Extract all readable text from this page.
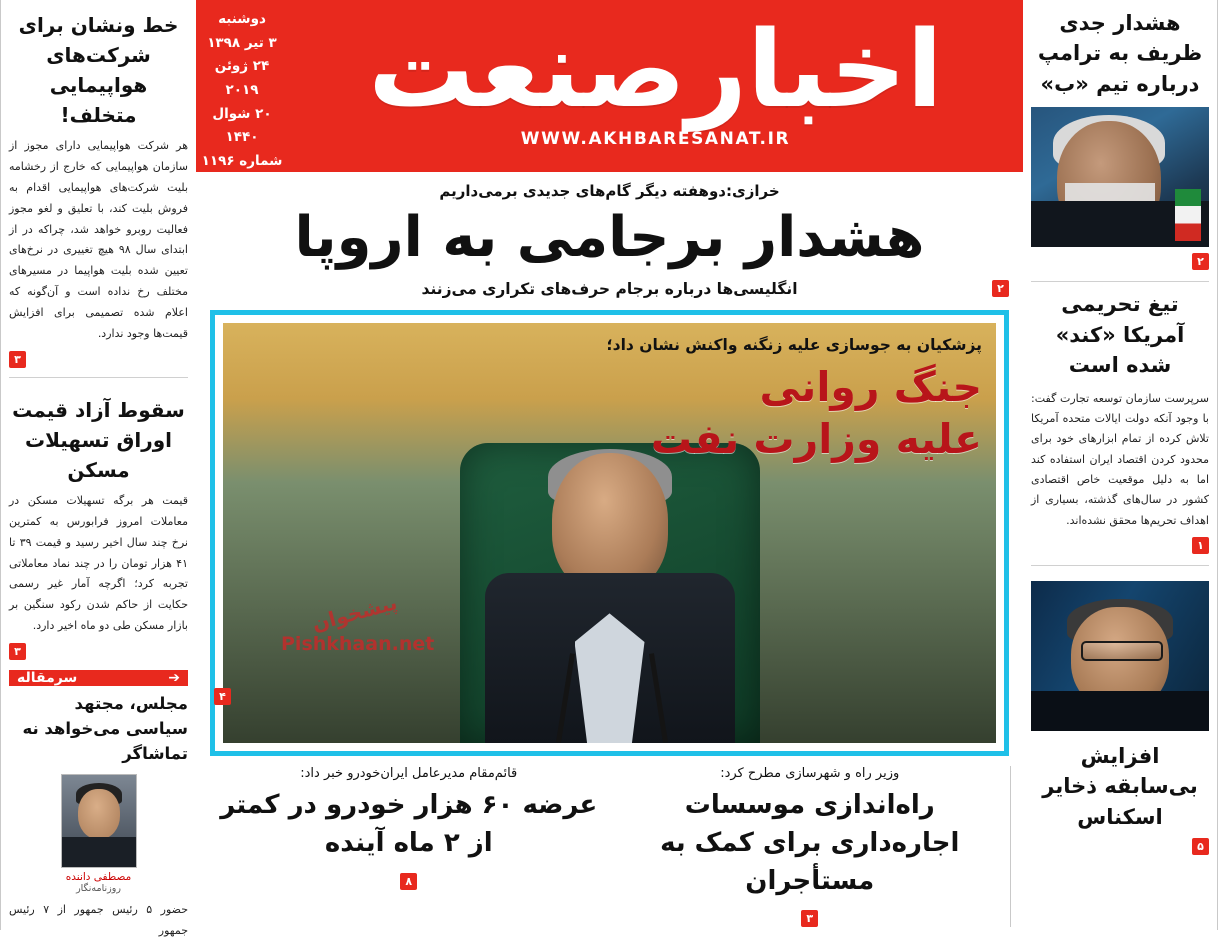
خط ونشان برای شرکت‌های هواپیمایی متخلف!
هر شرکت هواپیمایی دارای مجوز از سازمان هواپیمایی که خارج از رخشامه بلیت شرکت‌های هواپیمایی اقدام به فروش بلیت کند، با تعلیق و لغو مجوز فعالیت روبرو خواهد شد، چراکه در از ابتدای سال ۹۸ هیچ تغییری در نرخ‌های تعیین شده بلیت هواپیما در مسیرهای مختلف رخ نداده است و آن‌گونه که اعلام شده تصمیمی برای افزایش قیمت‌ها وجود ندارد.
۳
سقوط آزاد قیمت اوراق تسهیلات مسکن
قیمت هر برگه تسهیلات مسکن در معاملات امروز فرابورس به کمترین نرخ چند سال اخیر رسید و قیمت ۳۹ تا ۴۱ هزار تومان را در چند نماد معاملاتی تجربه کرد؛ اگرچه آمار غیر رسمی حکایت از حاکم شدن رکود سنگین بر بازار مسکن طی دو ماه اخیر دارد.
۳
➔
سرمقاله
مجلس، مجتهد سیاسی می‌خواهد نه تماشاگر
مصطفی داننده
روزنامه‌نگار
حضور ۵ رئیس جمهور از ۷ رئیس جمهور
دوشنبه
۳ تیر ۱۳۹۸
۲۴ ژوئن ۲۰۱۹
۲۰ شوال ۱۴۴۰
شماره ۱۱۹۶
۸ صفحه
۲۰۰۰ تومان
اخبارصنعت
WWW.AKHBARESANAT.IR
خرازی:دوهفته دیگر گام‌های جدیدی برمی‌داریم
هشدار برجامی به اروپا
۲
انگلیسی‌ها درباره برجام حرف‌های تکراری می‌زنند
پزشکیان به جوسازی علیه زنگنه واکنش نشان داد؛
جنگ روانی
علیه وزارت نفت
پیشخوان
Pishkhaan.net
۴
قائم‌مقام مدیرعامل ایران‌خودرو خبر داد:
عرضه ۶۰ هزار خودرو در کمتر از ۲ ماه آینده
۸
وزیر راه و شهرسازی مطرح کرد:
راه‌اندازی موسسات اجاره‌داری برای کمک به مستأجران
۳
هشدار جدی ظریف به ترامپ درباره تیم «ب»
۲
تیغ تحریمی آمریکا «کند» شده است
سرپرست سازمان توسعه تجارت گفت: با وجود آنکه دولت ایالات متحده آمریکا تلاش کرده از تمام ابزارهای خود برای محدود کردن اقتصاد ایران استفاده کند اما به دلیل موقعیت خاص اقتصادی کشور در سال‌های گذشته، بسیاری از اهداف تحریم‌ها محقق نشده‌اند.
۱
افزایش بی‌سابقه ذخایر اسکناس
۵
